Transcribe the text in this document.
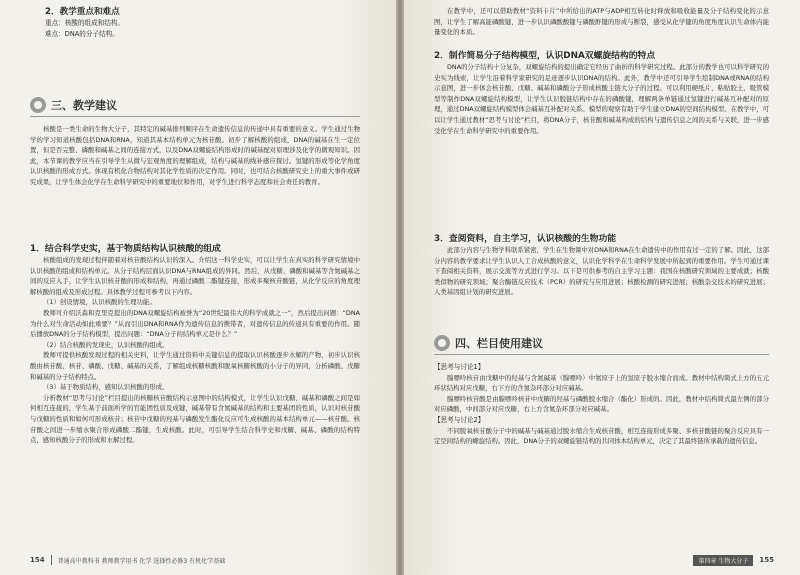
2．教学重点和难点

重点：核酸的组成和结构。

难点：DNA的分子结构。

三、教学建议

核酸是一类生命的生物大分子，其特定的碱基排列顺序在生命遗传信息的传递中具有重要的意义。学生通过生物学的学习知道核酸包括DNA和RNA，知道其基本结构单元为核苷酸。初步了解核酸的组成，DNA的碱基在生一定位置，但是否完整、磷酸和碱基之间的连接方式，以及DNA双螺旋结构形成时的碱基配对原理涉及化学的微观知识。因此，本节课的教学应当在引导学生从微与宏观角度的理解组成，结构与碱基的线补感应探讨。氢键的形成等化学角度认识核酸的形成方式。体现有机化合物结构对其化学性质的决定作用。同时，也可结合核酸研究史上的重大事件或研究成果，让学生体会化学在生命科学研究中的重要地位和作用，对学生进行科学态度和社会责任的教育。

1．结合科学史实，基于物质结构认识核酸的组成

核酸组成的发现过程伴随着对核苷酸结构认识的深入。介绍这一科学史实，可以让学生在真实的科学研究情境中认识核酸的组成和结构单元。从分子结构层面认识DNA与RNA组成的异同。然后，从戊糖、磷酸和碱基等含氮碱基之间的反应入手，让学生认识核苷酸的形成和结构，再通过磷酸二酯键连接，形成多聚核苷酸链，从化学反应的角度理解核酸的组成及形成过程。具体教学过程可参考以下内容。

（1）创设情境，认识核酸的生理功能。

教师可介绍沃森和克里克提出的DNA双螺旋结构被誉为“20世纪最伟大的科学成就之一”，然后提出问题：“DNA为什么对生命活动如此重要？”从而引出DNA和RNA作为遗传信息的携带者，对遗传信息的传递具有重要的作用。随后播放DNA的分子结构模型，提出问题：“DNA分子的结构单元是什么？”

（2）结合核酸的发现史，认识核酸的组成。

教师可提供核酸发现过程的相关史料，让学生通过资料中关键信息的提取认识核酸逐步水解的产物，初步认识核酸由核苷酸、核苷、磷酸、戊糖、碱基的关系，了解组成核糖核酸和脱氧核糖核酸的小分子的异同，分析磷酸、戊糖和碱基的分子结构特点。

（3）基于物质结构，感知认识核酸的形成。

分析教材“思考与讨论”栏目提出的核糖核苷酸结构示意图中的结构模式，让学生认识戊糖、碱基和磷酸之间是如何相互连接的，学生基于前面所学的官能团性质及成键，碱基带有含氮碱基的结构和主要基团的性质，认识对核苷酸与戊糖的性质和如何可形成核苷；核苷中戊糖的羟基与磷酸发生酯化反应可生成核酸的基本结构单元——核苷酸。核苷酸之间进一步缩水聚合形成磷酸二酯键，生成核酸。此时，可引导学生结合科学史和戊糖、碱基、磷酸的结构特点，感知核酸分子的形成和水解过程。

154 普通高中教科书 教师教学用书 化学 选择性必修3 有机化学基础

在教学中，还可以借助教材“资料卡片”中所给出的ATP与ADP相互转化时释放和吸收能量及分子结构变化的示意图，让学生了解高能磷酸键，进一步认识磷酸酸键与磷酸酐键的形成与断裂，感受从化学键的角度角度认识生命体内能量变化的本质。

2．制作简易分子结构模型，认识DNA双螺旋结构的特点

DNA的分子结构十分复杂，双螺旋结构的提出确定它经历了曲折的科学研究过程。此部分的教学也可以科学研究的史实为线索，让学生沿着科学家研究的足迹逐步认识DNA的结构。此外，教学中还可引导学生绘制DNA或RNA的结构示意图，进一步体会核苷酸、戊糖、碱基和磷酸分子形成核酸主链大分子的过程。可以利用硬纸片、粘贴胶土、吸管模型等制作DNA双螺旋结构模型，让学生认识脱链结构中存在的磷酸键，理解两条单链通过氢键进行碱基互补配对的原理，通过DNA双螺旋结构模型体会碱基互补配对关系。模型的观察有助于学生建立DNA的空间结构模型。在教学中，可以让学生通过教材“思考与讨论”栏目，将DNA分子，核苷酸和碱基构成的结构与遗传信息之间的关系与关联，进一步感受化学在生命科学研究中的重要作用。

3．查阅资料，自主学习，认识核酸的生物功能

此部分内容与生物学科联系紧密，学生在生物课中对DNA和RNA在生命遗传中的作用有过一定的了解。因此，这部分内容的教学要求让学生认识人工合成核酸的意义，认识化学科学在生命科学发展中所起到的重要作用。学生可通过课下查阅相关资料，展示交流等方式进行学习。以下是可供参考的自主学习主题：我国在核酸研究领域的主要成就；核酸类似物的研究领域；聚合酶链反应技术（PCR）的研究与应用进展；核酸检测的研究进展；核酸杂交技术的研究进展；人类基因组计划的研究进展。

四、栏目使用建议
【思考与讨论1】

腺嘌呤核苷由戊糖中的羟基与含氮碱基（腺嘌呤）中氮原子上的氢原子脱水缩合而成。教材中结构简式上方的五元环状结构对应戊糖，右下方的含氮杂环部分对应碱基。

腺嘌呤核苷酸是由腺嘌呤核苷中戊糖的羟基与磷酸脱水缩合（酯化）形成的。因此，教材中结构简式最左侧的部分对应磷酸，中间部分对应戊糖，右上方含氮杂环部分对应碱基。

【思考与讨论2】

不同脱氧核苷酸分子中的碱基与碱基通过脱水缩合生成核苷酸，相互连接形成多聚、多核苷酸链的聚合反应具有一定空间结构的螺旋结构。因此，DNA分子的双螺旋链结构的共同体本结构单元，决定了其最终链所承载的遗传信息。

第四章 生物大分子	155
